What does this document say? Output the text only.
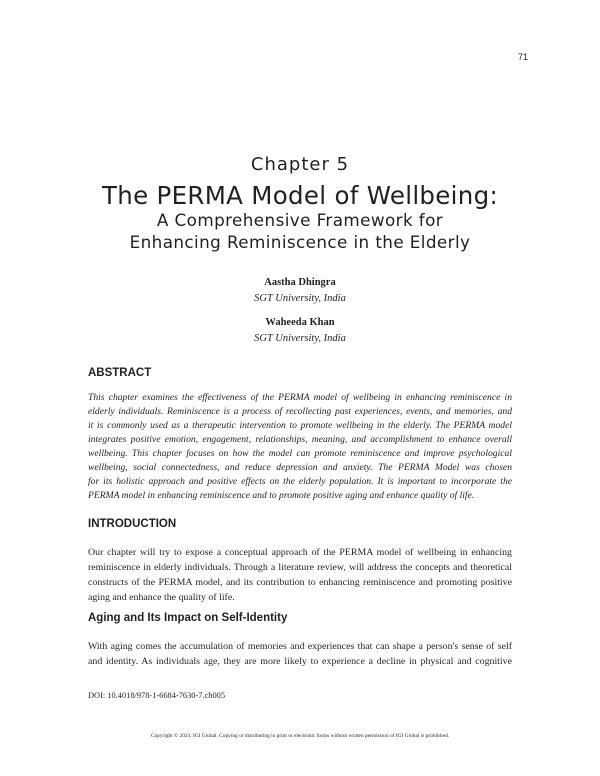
71
Chapter 5
The PERMA Model of Wellbeing:
A Comprehensive Framework for
Enhancing Reminiscence in the Elderly
Aastha Dhingra
SGT University, India
Waheeda Khan
SGT University, India
ABSTRACT
This chapter examines the effectiveness of the PERMA model of wellbeing in enhancing reminiscence in
elderly individuals. Reminiscence is a process of recollecting past experiences, events, and memories, and
it is commonly used as a therapeutic intervention to promote wellbeing in the elderly. The PERMA model
integrates positive emotion, engagement, relationships, meaning, and accomplishment to enhance overall
wellbeing. This chapter focuses on how the model can promote reminiscence and improve psychological
wellbeing, social connectedness, and reduce depression and anxiety. The PERMA Model was chosen
for its holistic approach and positive effects on the elderly population. It is important to incorporate the
PERMA model in enhancing reminiscence and to promote positive aging and enhance quality of life.
INTRODUCTION
Our chapter will try to expose a conceptual approach of the PERMA model of wellbeing in enhancing
reminiscence in elderly individuals. Through a literature review, will address the concepts and theoretical
constructs of the PERMA model, and its contribution to enhancing reminiscence and promoting positive
aging and enhance the quality of life.
Aging and Its Impact on Self-Identity
With aging comes the accumulation of memories and experiences that can shape a person's sense of self
and identity. As individuals age, they are more likely to experience a decline in physical and cognitive
DOI: 10.4018/978-1-6684-7630-7.ch005
Copyright © 2023, IGI Global. Copying or distributing in print or electronic forms without written permission of IGI Global is prohibited.
